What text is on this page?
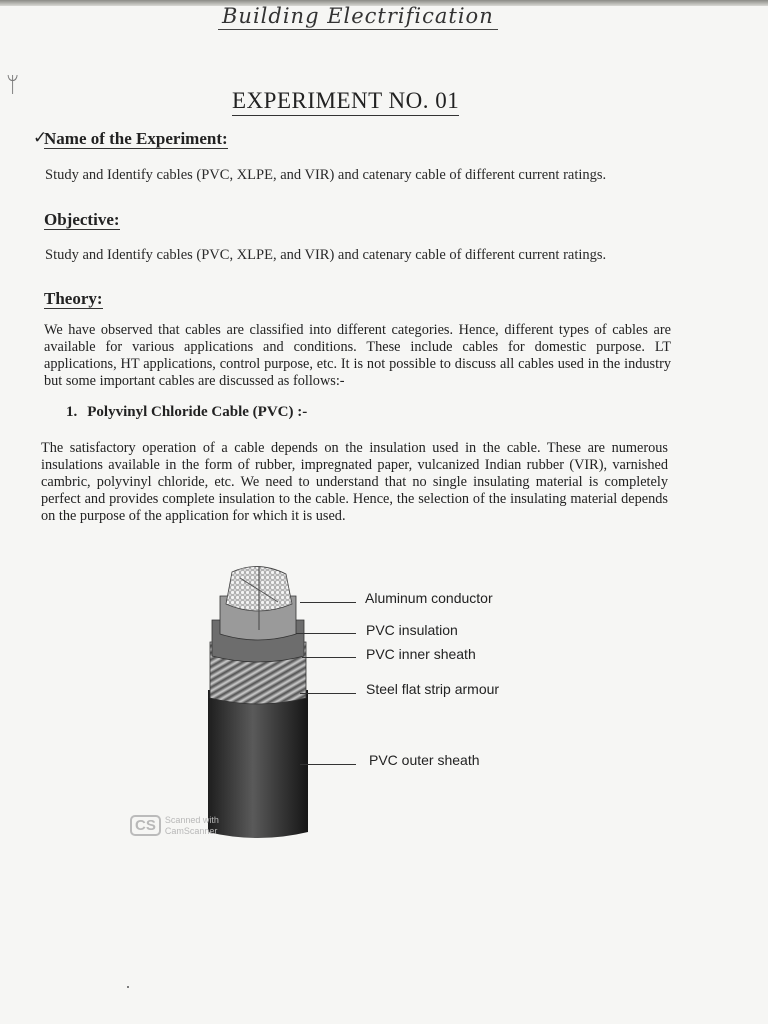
Building Electrification
ᛘ
EXPERIMENT NO. 01
✓
Name of the Experiment:
Study and Identify cables (PVC, XLPE, and VIR) and catenary cable of different current ratings.
Objective:
Study and Identify cables (PVC, XLPE, and VIR) and catenary cable of different current ratings.
Theory:
We have observed that cables are classified into different categories. Hence, different types of cables are available for various applications and conditions. These include cables for domestic purpose. LT applications, HT applications, control purpose, etc. It is not possible to discuss all cables used in the industry but some important cables are discussed as follows:-
1. Polyvinyl Chloride Cable (PVC) :-
The satisfactory operation of a cable depends on the insulation used in the cable. These are numerous insulations available in the form of rubber, impregnated paper, vulcanized Indian rubber (VIR), varnished cambric, polyvinyl chloride, etc. We need to understand that no single insulating material is completely perfect and provides complete insulation to the cable. Hence, the selection of the insulating material depends on the purpose of the application for which it is used.
Aluminum conductor
PVC insulation
PVC inner sheath
Steel flat strip armour
PVC outer sheath
CS Scanned with
CamScanner
